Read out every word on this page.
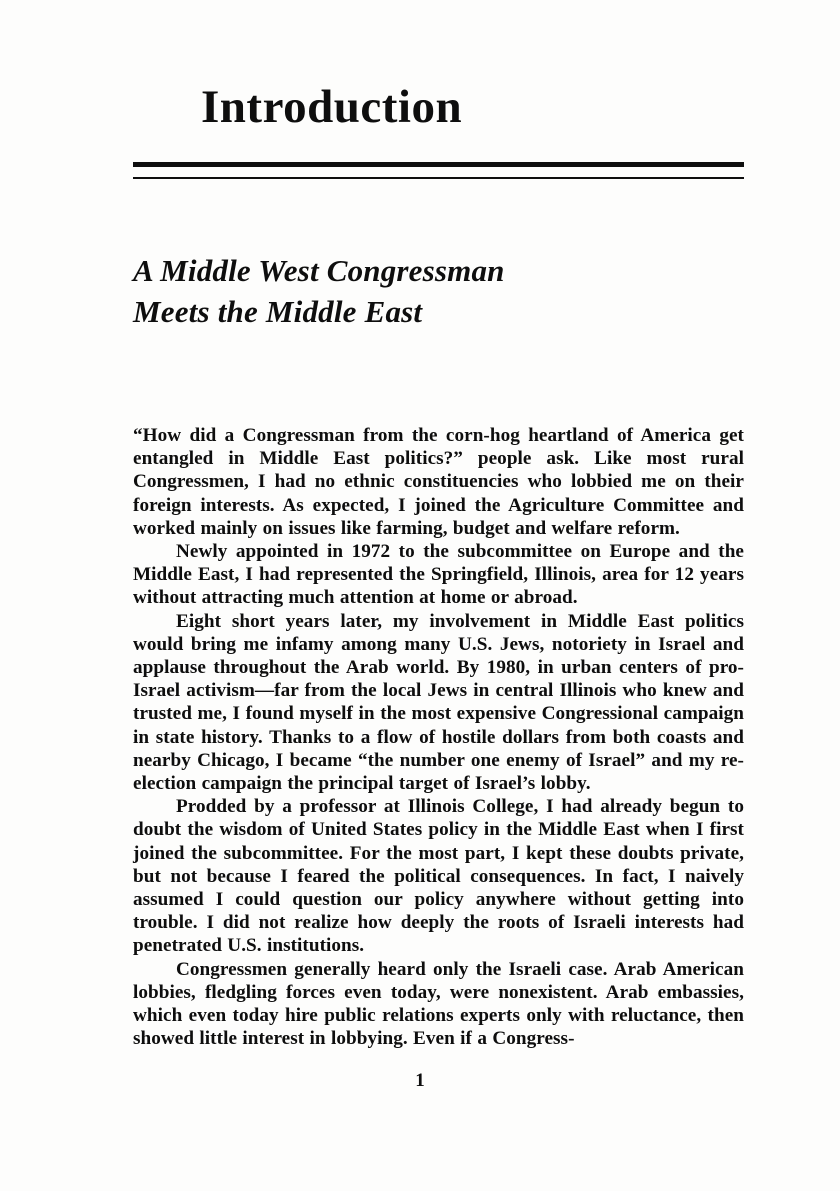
Introduction
A Middle West Congressman
Meets the Middle East

“How did a Congressman from the corn-hog heartland of America get entangled in Middle East politics?” people ask. Like most rural Congressmen, I had no ethnic constituencies who lobbied me on their foreign interests. As expected, I joined the Agriculture Committee and worked mainly on issues like farming, budget and welfare reform.

Newly appointed in 1972 to the subcommittee on Europe and the Middle East, I had represented the Springfield, Illinois, area for 12 years without attracting much attention at home or abroad.

Eight short years later, my involvement in Middle East politics would bring me infamy among many U.S. Jews, notoriety in Israel and applause throughout the Arab world. By 1980, in urban centers of pro-Israel activism—far from the local Jews in central Illinois who knew and trusted me, I found myself in the most expensive Congressional campaign in state history. Thanks to a flow of hostile dollars from both coasts and nearby Chicago, I became “the number one enemy of Israel” and my re-election campaign the principal target of Israel’s lobby.

Prodded by a professor at Illinois College, I had already begun to doubt the wisdom of United States policy in the Middle East when I first joined the subcommittee. For the most part, I kept these doubts private, but not because I feared the political consequences. In fact, I naively assumed I could question our policy anywhere without getting into trouble. I did not realize how deeply the roots of Israeli interests had penetrated U.S. institutions.

Congressmen generally heard only the Israeli case. Arab American lobbies, fledgling forces even today, were nonexistent. Arab embassies, which even today hire public relations experts only with reluctance, then showed little interest in lobbying. Even if a Congress-

1
